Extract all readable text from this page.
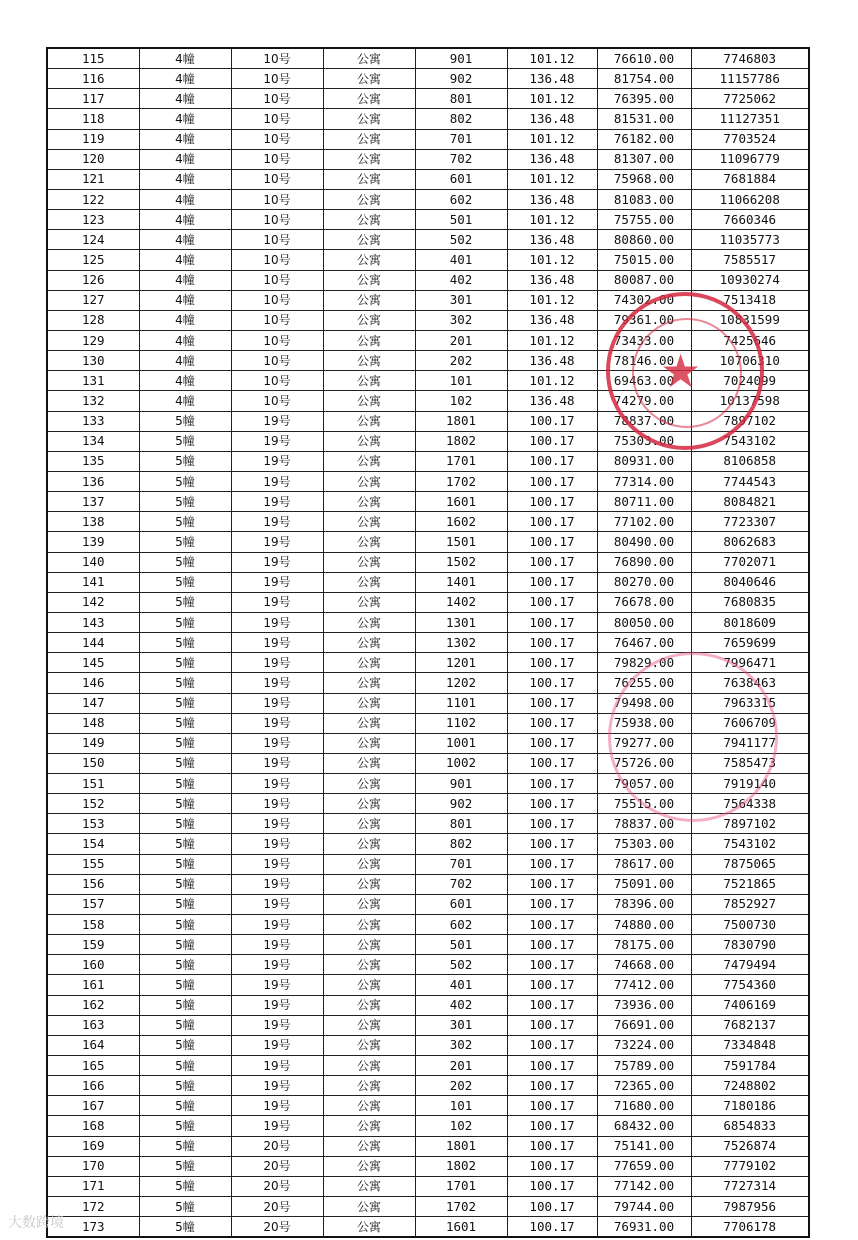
115	4幢	10号	公寓	901	101.12	76610.00	7746803
116	4幢	10号	公寓	902	136.48	81754.00	11157786
117	4幢	10号	公寓	801	101.12	76395.00	7725062
118	4幢	10号	公寓	802	136.48	81531.00	11127351
119	4幢	10号	公寓	701	101.12	76182.00	7703524
120	4幢	10号	公寓	702	136.48	81307.00	11096779
121	4幢	10号	公寓	601	101.12	75968.00	7681884
122	4幢	10号	公寓	602	136.48	81083.00	11066208
123	4幢	10号	公寓	501	101.12	75755.00	7660346
124	4幢	10号	公寓	502	136.48	80860.00	11035773
125	4幢	10号	公寓	401	101.12	75015.00	7585517
126	4幢	10号	公寓	402	136.48	80087.00	10930274
127	4幢	10号	公寓	301	101.12	74302.00	7513418
128	4幢	10号	公寓	302	136.48	79361.00	10831599
129	4幢	10号	公寓	201	101.12	73433.00	7425646
130	4幢	10号	公寓	202	136.48	78146.00	10706310
131	4幢	10号	公寓	101	101.12	69463.00	7024099
132	4幢	10号	公寓	102	136.48	74279.00	10137598
133	5幢	19号	公寓	1801	100.17	78837.00	7897102
134	5幢	19号	公寓	1802	100.17	75303.00	7543102
135	5幢	19号	公寓	1701	100.17	80931.00	8106858
136	5幢	19号	公寓	1702	100.17	77314.00	7744543
137	5幢	19号	公寓	1601	100.17	80711.00	8084821
138	5幢	19号	公寓	1602	100.17	77102.00	7723307
139	5幢	19号	公寓	1501	100.17	80490.00	8062683
140	5幢	19号	公寓	1502	100.17	76890.00	7702071
141	5幢	19号	公寓	1401	100.17	80270.00	8040646
142	5幢	19号	公寓	1402	100.17	76678.00	7680835
143	5幢	19号	公寓	1301	100.17	80050.00	8018609
144	5幢	19号	公寓	1302	100.17	76467.00	7659699
145	5幢	19号	公寓	1201	100.17	79829.00	7996471
146	5幢	19号	公寓	1202	100.17	76255.00	7638463
147	5幢	19号	公寓	1101	100.17	79498.00	7963315
148	5幢	19号	公寓	1102	100.17	75938.00	7606709
149	5幢	19号	公寓	1001	100.17	79277.00	7941177
150	5幢	19号	公寓	1002	100.17	75726.00	7585473
151	5幢	19号	公寓	901	100.17	79057.00	7919140
152	5幢	19号	公寓	902	100.17	75515.00	7564338
153	5幢	19号	公寓	801	100.17	78837.00	7897102
154	5幢	19号	公寓	802	100.17	75303.00	7543102
155	5幢	19号	公寓	701	100.17	78617.00	7875065
156	5幢	19号	公寓	702	100.17	75091.00	7521865
157	5幢	19号	公寓	601	100.17	78396.00	7852927
158	5幢	19号	公寓	602	100.17	74880.00	7500730
159	5幢	19号	公寓	501	100.17	78175.00	7830790
160	5幢	19号	公寓	502	100.17	74668.00	7479494
161	5幢	19号	公寓	401	100.17	77412.00	7754360
162	5幢	19号	公寓	402	100.17	73936.00	7406169
163	5幢	19号	公寓	301	100.17	76691.00	7682137
164	5幢	19号	公寓	302	100.17	73224.00	7334848
165	5幢	19号	公寓	201	100.17	75789.00	7591784
166	5幢	19号	公寓	202	100.17	72365.00	7248802
167	5幢	19号	公寓	101	100.17	71680.00	7180186
168	5幢	19号	公寓	102	100.17	68432.00	6854833
169	5幢	20号	公寓	1801	100.17	75141.00	7526874
170	5幢	20号	公寓	1802	100.17	77659.00	7779102
171	5幢	20号	公寓	1701	100.17	77142.00	7727314
172	5幢	20号	公寓	1702	100.17	79744.00	7987956
173	5幢	20号	公寓	1601	100.17	76931.00	7706178
★
大数跨境
